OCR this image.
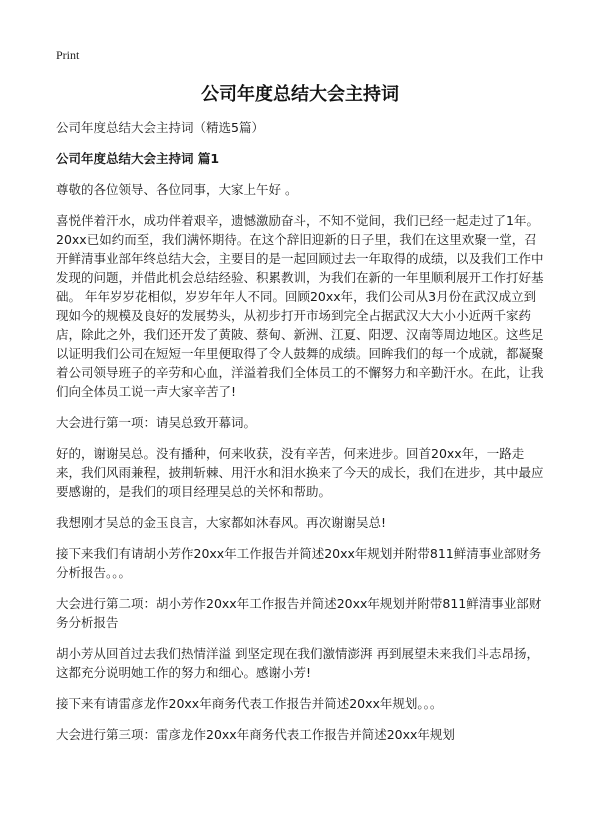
Print
公司年度总结大会主持词

公司年度总结大会主持词（精选5篇）

公司年度总结大会主持词 篇1

尊敬的各位领导、各位同事，大家上午好 。

喜悦伴着汗水，成功伴着艰辛，遗憾激励奋斗，不知不觉间，我们已经一起走过了1年。20xx已如约而至，我们满怀期待。在这个辞旧迎新的日子里，我们在这里欢聚一堂，召开鲜清事业部年终总结大会，主要目的是一起回顾过去一年取得的成绩，以及我们工作中发现的问题，并借此机会总结经验、积累教训，为我们在新的一年里顺利展开工作打好基础。 年年岁岁花相似，岁岁年年人不同。回顾20xx年，我们公司从3月份在武汉成立到现如今的规模及良好的发展势头，从初步打开市场到完全占据武汉大大小小近两千家药店，除此之外，我们还开发了黄陂、蔡甸、新洲、江夏、阳逻、汉南等周边地区。这些足以证明我们公司在短短一年里便取得了令人鼓舞的成绩。回眸我们的每一个成就，都凝聚着公司领导班子的辛劳和心血，洋溢着我们全体员工的不懈努力和辛勤汗水。在此，让我们向全体员工说一声大家辛苦了!

大会进行第一项：请吴总致开幕词。

好的，谢谢吴总。没有播种，何来收获，没有辛苦，何来进步。回首20xx年，一路走来，我们风雨兼程，披荆斩棘、用汗水和泪水换来了今天的成长，我们在进步，其中最应要感谢的，是我们的项目经理吴总的关怀和帮助。

我想刚才吴总的金玉良言，大家都如沐春风。再次谢谢吴总!

接下来我们有请胡小芳作20xx年工作报告并简述20xx年规划并附带811鲜清事业部财务分析报告。。。

大会进行第二项：胡小芳作20xx年工作报告并简述20xx年规划并附带811鲜清事业部财务分析报告

胡小芳从回首过去我们热情洋溢 到坚定现在我们激情澎湃 再到展望未来我们斗志昂扬，这都充分说明她工作的努力和细心。感谢小芳!

接下来有请雷彦龙作20xx年商务代表工作报告并简述20xx年规划。。。

大会进行第三项：雷彦龙作20xx年商务代表工作报告并简述20xx年规划
